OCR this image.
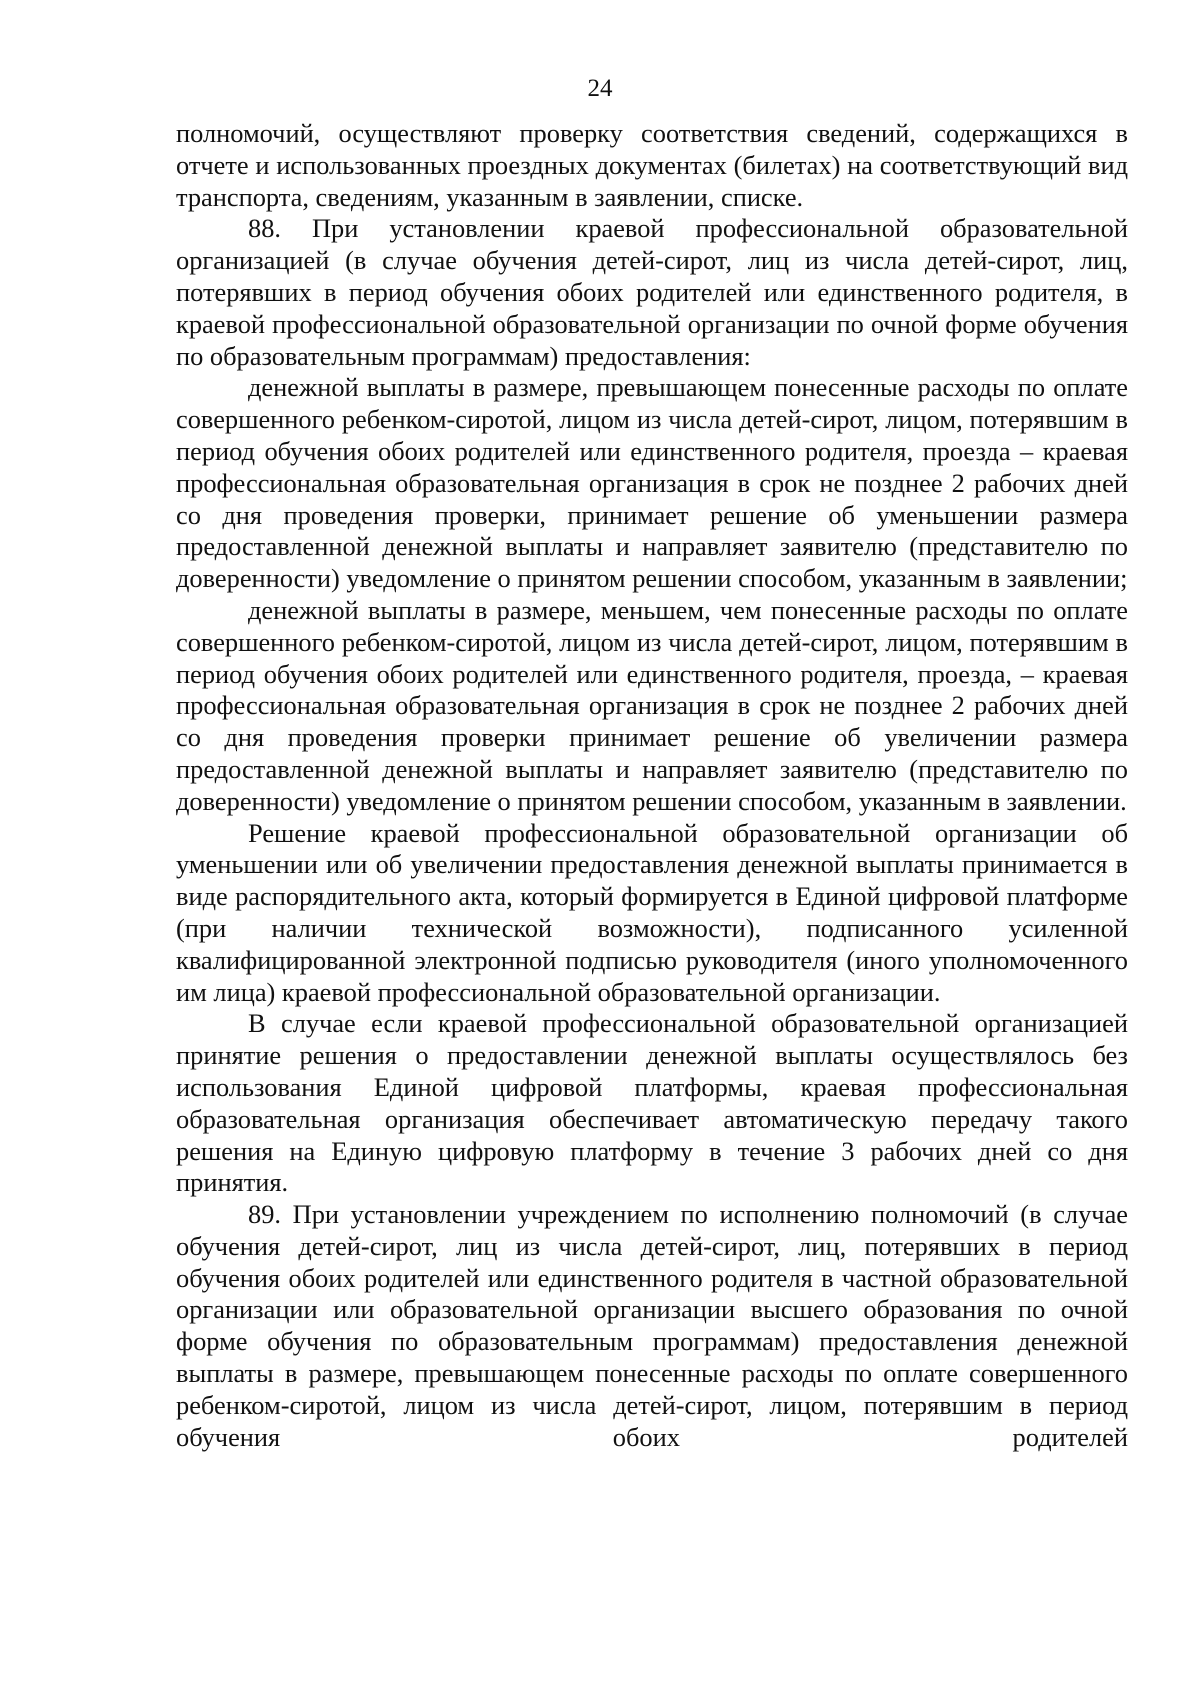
24

полномочий, осуществляют проверку соответствия сведений, содержащихся в отчете и использованных проездных документах (билетах) на соответствующий вид транспорта, сведениям, указанным в заявлении, списке.

88. При установлении краевой профессиональной образовательной организацией (в случае обучения детей-сирот, лиц из числа детей-сирот, лиц, потерявших в период обучения обоих родителей или единственного родителя, в краевой профессиональной образовательной организации по очной форме обучения по образовательным программам) предоставления:

денежной выплаты в размере, превышающем понесенные расходы по оплате совершенного ребенком-сиротой, лицом из числа детей-сирот, лицом, потерявшим в период обучения обоих родителей или единственного родителя, проезда – краевая профессиональная образовательная организация в срок не позднее 2 рабочих дней со дня проведения проверки, принимает решение об уменьшении размера предоставленной денежной выплаты и направляет заявителю (представителю по доверенности) уведомление о принятом решении способом, указанным в заявлении;

денежной выплаты в размере, меньшем, чем понесенные расходы по оплате совершенного ребенком-сиротой, лицом из числа детей-сирот, лицом, потерявшим в период обучения обоих родителей или единственного родителя, проезда, – краевая профессиональная образовательная организация в срок не позднее 2 рабочих дней со дня проведения проверки принимает решение об увеличении размера предоставленной денежной выплаты и направляет заявителю (представителю по доверенности) уведомление о принятом решении способом, указанным в заявлении.

Решение краевой профессиональной образовательной организации об уменьшении или об увеличении предоставления денежной выплаты принимается в виде распорядительного акта, который формируется в Единой цифровой платформе (при наличии технической возможности), подписанного усиленной квалифицированной электронной подписью руководителя (иного уполномоченного им лица) краевой профессиональной образовательной организации.

В случае если краевой профессиональной образовательной организацией принятие решения о предоставлении денежной выплаты осуществлялось без использования Единой цифровой платформы, краевая профессиональная образовательная организация обеспечивает автоматическую передачу такого решения на Единую цифровую платформу в течение 3 рабочих дней со дня принятия.

89. При установлении учреждением по исполнению полномочий (в случае обучения детей-сирот, лиц из числа детей-сирот, лиц, потерявших в период обучения обоих родителей или единственного родителя в частной образовательной организации или образовательной организации высшего образования по очной форме обучения по образовательным программам) предоставления денежной выплаты в размере, превышающем понесенные расходы по оплате совершенного ребенком-сиротой, лицом из числа детей-сирот, лицом, потерявшим в период обучения обоих родителей
